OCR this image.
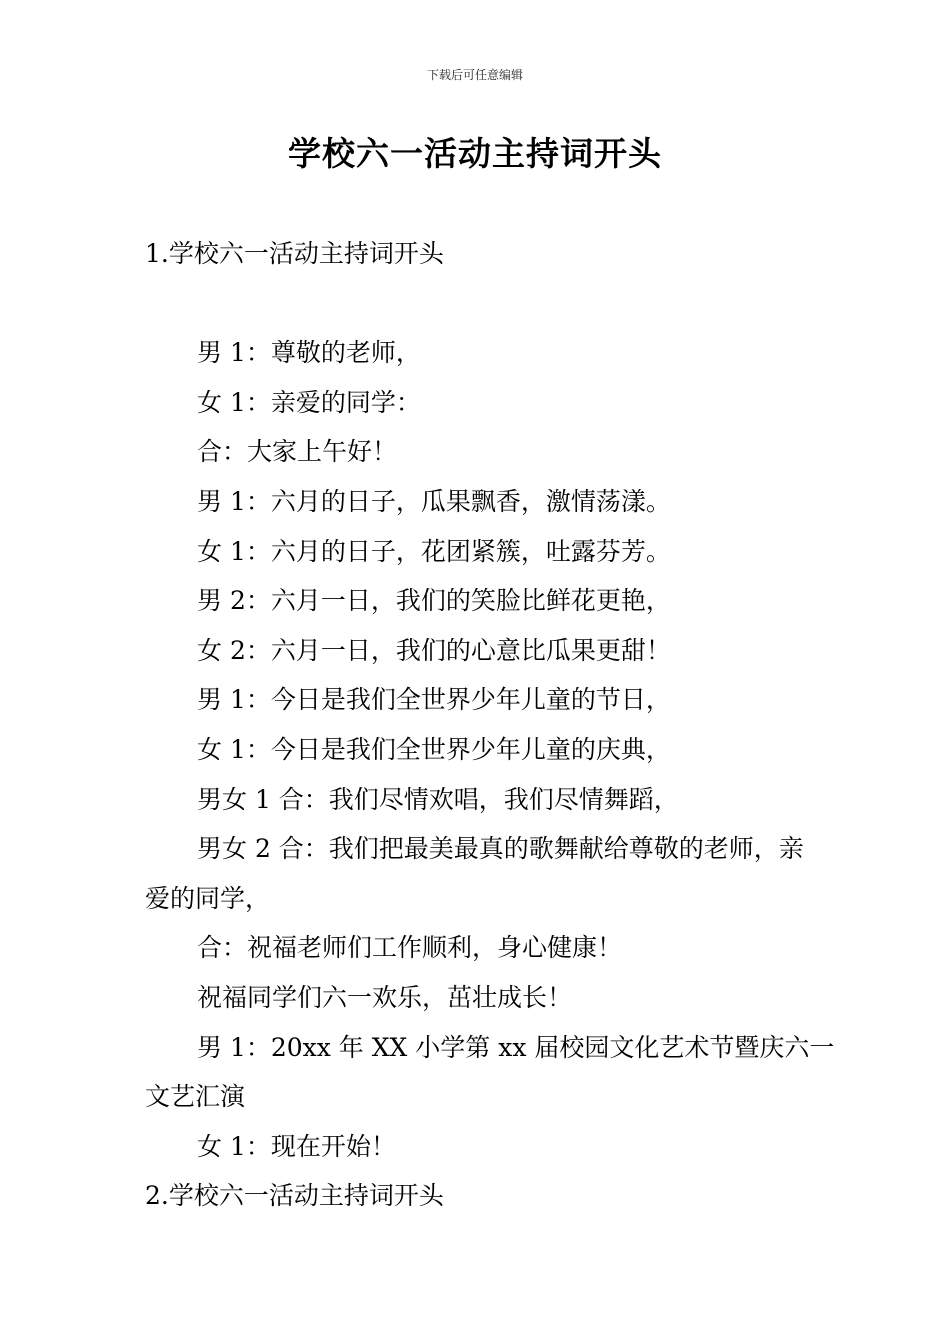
下载后可任意编辑
学校六一活动主持词开头
1.学校六一活动主持词开头
男 1：尊敬的老师，
女 1：亲爱的同学：
合：大家上午好！
男 1：六月的日子，瓜果飘香，激情荡漾。
女 1：六月的日子，花团紧簇，吐露芬芳。
男 2：六月一日，我们的笑脸比鲜花更艳，
女 2：六月一日，我们的心意比瓜果更甜！
男 1：今日是我们全世界少年儿童的节日，
女 1：今日是我们全世界少年儿童的庆典，
男女 1 合：我们尽情欢唱，我们尽情舞蹈，
男女 2 合：我们把最美最真的歌舞献给尊敬的老师，亲
爱的同学，
合：祝福老师们工作顺利，身心健康！
祝福同学们六一欢乐，茁壮成长！
男 1：20xx 年 XX 小学第 xx 届校园文化艺术节暨庆六一
文艺汇演
女 1：现在开始！
2.学校六一活动主持词开头
